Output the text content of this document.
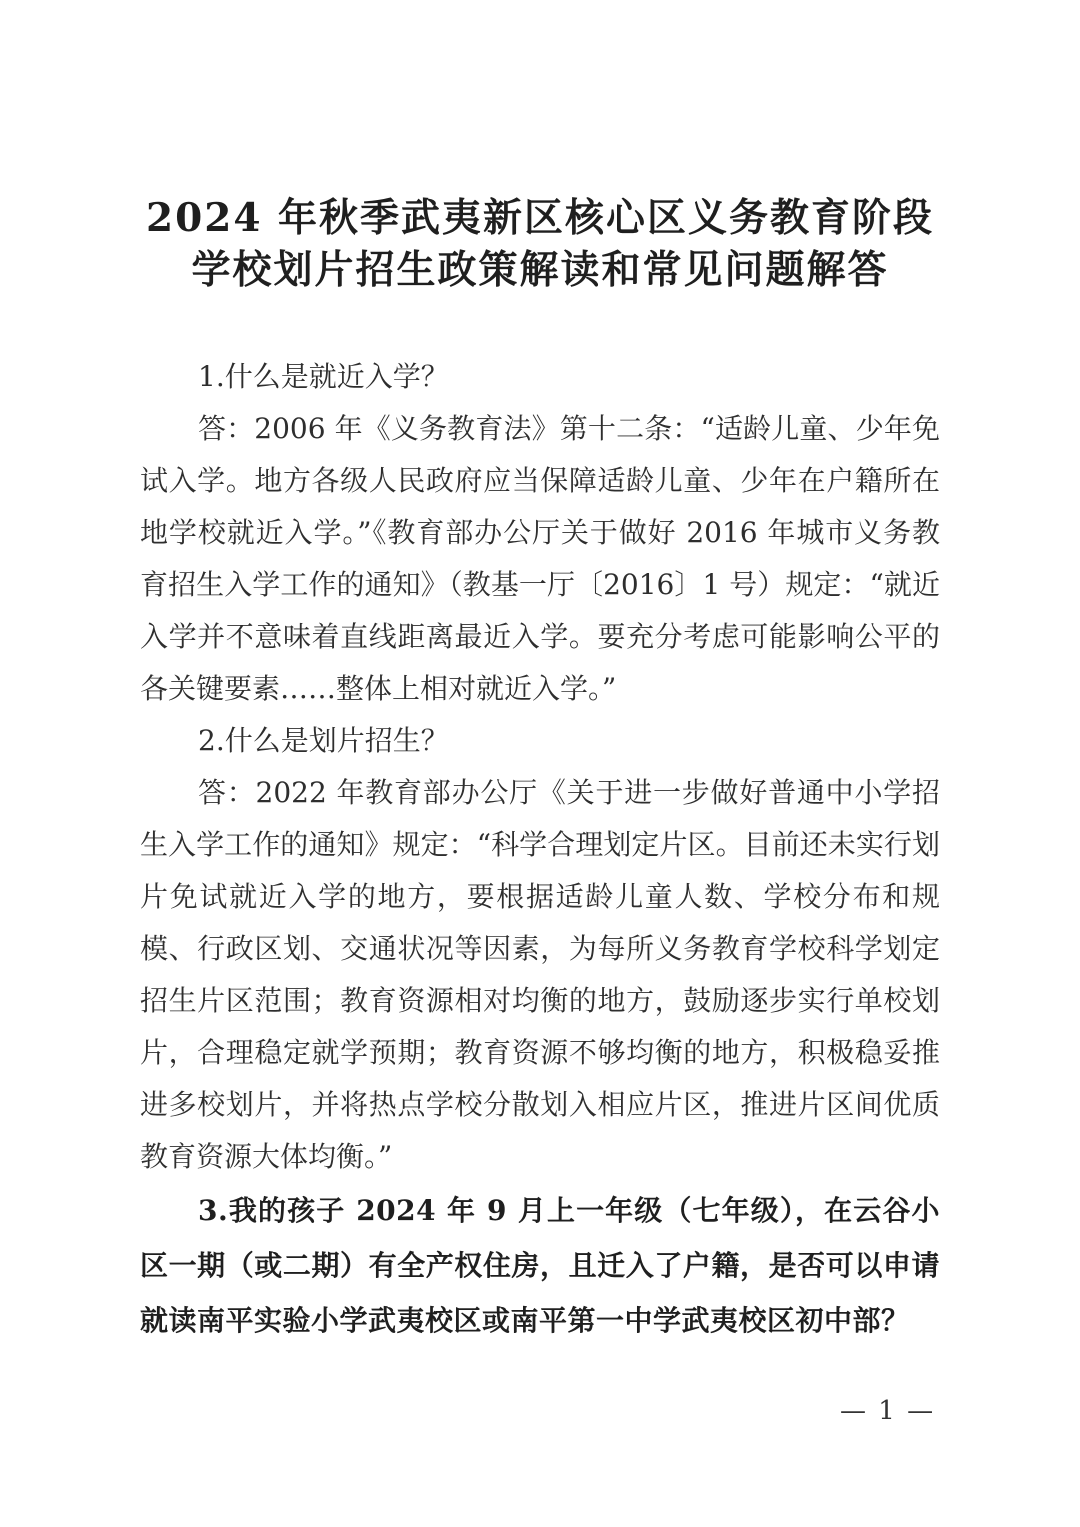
2024 年秋季武夷新区核心区义务教育阶段
学校划片招生政策解读和常见问题解答

1.什么是就近入学？

答：2006 年《义务教育法》第十二条：“适龄儿童、少年免试入学。地方各级人民政府应当保障适龄儿童、少年在户籍所在地学校就近入学。”《教育部办公厅关于做好 2016 年城市义务教育招生入学工作的通知》（教基一厅〔2016〕1 号）规定：“就近入学并不意味着直线距离最近入学。要充分考虑可能影响公平的各关键要素……整体上相对就近入学。”

2.什么是划片招生？

答：2022 年教育部办公厅《关于进一步做好普通中小学招生入学工作的通知》规定：“科学合理划定片区。目前还未实行划片免试就近入学的地方，要根据适龄儿童人数、学校分布和规模、行政区划、交通状况等因素，为每所义务教育学校科学划定招生片区范围；教育资源相对均衡的地方，鼓励逐步实行单校划片，合理稳定就学预期；教育资源不够均衡的地方，积极稳妥推进多校划片，并将热点学校分散划入相应片区，推进片区间优质教育资源大体均衡。”

3.我的孩子 2024 年 9 月上一年级（七年级），在云谷小区一期（或二期）有全产权住房，且迁入了户籍，是否可以申请就读南平实验小学武夷校区或南平第一中学武夷校区初中部？

— 1 —
